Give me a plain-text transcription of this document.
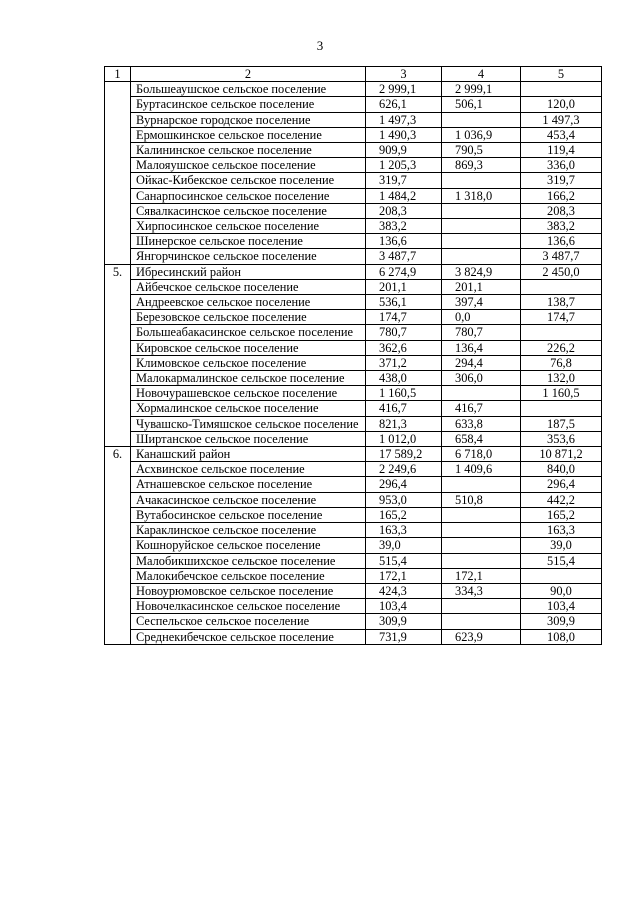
3
1	2	3	4	5
	Большеаушское сельское поселение	2 999,1	2 999,1	
	Буртасинское сельское поселение	626,1	506,1	120,0
	Вурнарское городское поселение	1 497,3		1 497,3
	Ермошкинское сельское поселение	1 490,3	1 036,9	453,4
	Калининское сельское поселение	909,9	790,5	119,4
	Малояушское сельское поселение	1 205,3	869,3	336,0
	Ойкас-Кибекское сельское поселение	319,7		319,7
	Санарпосинское сельское поселение	1 484,2	1 318,0	166,2
	Сявалкасинское сельское поселение	208,3		208,3
	Хирпосинское сельское поселение	383,2		383,2
	Шинерское сельское поселение	136,6		136,6
	Янгорчинское сельское поселение	3 487,7		3 487,7
5.	Ибресинский район	6 274,9	3 824,9	2 450,0
	Айбечское сельское поселение	201,1	201,1	
	Андреевское сельское поселение	536,1	397,4	138,7
	Березовское сельское поселение	174,7	0,0	174,7
	Большеабакасинское сельское поселение	780,7	780,7	
	Кировское сельское поселение	362,6	136,4	226,2
	Климовское сельское поселение	371,2	294,4	76,8
	Малокармалинское сельское поселение	438,0	306,0	132,0
	Новочурашевское сельское поселение	1 160,5		1 160,5
	Хормалинское сельское поселение	416,7	416,7	
	Чувашско-Тимяшское сельское поселение	821,3	633,8	187,5
	Ширтанское сельское поселение	1 012,0	658,4	353,6
6.	Канашский район	17 589,2	6 718,0	10 871,2
	Асхвинское сельское поселение	2 249,6	1 409,6	840,0
	Атнашевское сельское поселение	296,4		296,4
	Ачакасинское сельское поселение	953,0	510,8	442,2
	Вутабосинское сельское поселение	165,2		165,2
	Караклинское сельское поселение	163,3		163,3
	Кошноруйское сельское поселение	39,0		39,0
	Малобикшихское сельское поселение	515,4		515,4
	Малокибечское сельское поселение	172,1	172,1	
	Новоурюмовское сельское поселение	424,3	334,3	90,0
	Новочелкасинское сельское поселение	103,4		103,4
	Сеспельское сельское поселение	309,9		309,9
	Среднекибечское сельское поселение	731,9	623,9	108,0
